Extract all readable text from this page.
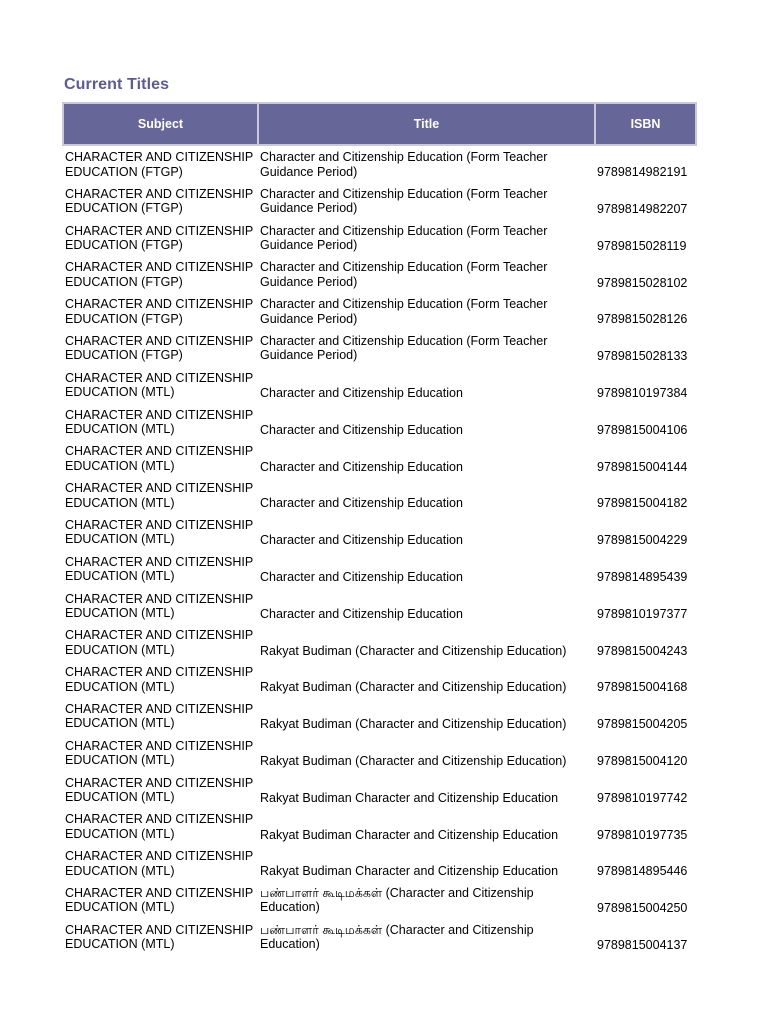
Current Titles
Subject	Title	ISBN
CHARACTER AND CITIZENSHIP
EDUCATION (FTGP)	Character and Citizenship Education (Form Teacher
Guidance Period)	9789814982191
CHARACTER AND CITIZENSHIP
EDUCATION (FTGP)	Character and Citizenship Education (Form Teacher
Guidance Period)	9789814982207
CHARACTER AND CITIZENSHIP
EDUCATION (FTGP)	Character and Citizenship Education (Form Teacher
Guidance Period)	9789815028119
CHARACTER AND CITIZENSHIP
EDUCATION (FTGP)	Character and Citizenship Education (Form Teacher
Guidance Period)	9789815028102
CHARACTER AND CITIZENSHIP
EDUCATION (FTGP)	Character and Citizenship Education (Form Teacher
Guidance Period)	9789815028126
CHARACTER AND CITIZENSHIP
EDUCATION (FTGP)	Character and Citizenship Education (Form Teacher
Guidance Period)	9789815028133
CHARACTER AND CITIZENSHIP
EDUCATION (MTL)	Character and Citizenship Education	9789810197384
CHARACTER AND CITIZENSHIP
EDUCATION (MTL)	Character and Citizenship Education	9789815004106
CHARACTER AND CITIZENSHIP
EDUCATION (MTL)	Character and Citizenship Education	9789815004144
CHARACTER AND CITIZENSHIP
EDUCATION (MTL)	Character and Citizenship Education	9789815004182
CHARACTER AND CITIZENSHIP
EDUCATION (MTL)	Character and Citizenship Education	9789815004229
CHARACTER AND CITIZENSHIP
EDUCATION (MTL)	Character and Citizenship Education	9789814895439
CHARACTER AND CITIZENSHIP
EDUCATION (MTL)	Character and Citizenship Education	9789810197377
CHARACTER AND CITIZENSHIP
EDUCATION (MTL)	Rakyat Budiman (Character and Citizenship Education)	9789815004243
CHARACTER AND CITIZENSHIP
EDUCATION (MTL)	Rakyat Budiman (Character and Citizenship Education)	9789815004168
CHARACTER AND CITIZENSHIP
EDUCATION (MTL)	Rakyat Budiman (Character and Citizenship Education)	9789815004205
CHARACTER AND CITIZENSHIP
EDUCATION (MTL)	Rakyat Budiman (Character and Citizenship Education)	9789815004120
CHARACTER AND CITIZENSHIP
EDUCATION (MTL)	Rakyat Budiman Character and Citizenship Education	9789810197742
CHARACTER AND CITIZENSHIP
EDUCATION (MTL)	Rakyat Budiman Character and Citizenship Education	9789810197735
CHARACTER AND CITIZENSHIP
EDUCATION (MTL)	Rakyat Budiman Character and Citizenship Education	9789814895446
CHARACTER AND CITIZENSHIP
EDUCATION (MTL)	பண்பாளர் கூடிமக்கள் (Character and Citizenship
Education)	9789815004250
CHARACTER AND CITIZENSHIP
EDUCATION (MTL)	பண்பாளர் கூடிமக்கள் (Character and Citizenship
Education)	9789815004137
